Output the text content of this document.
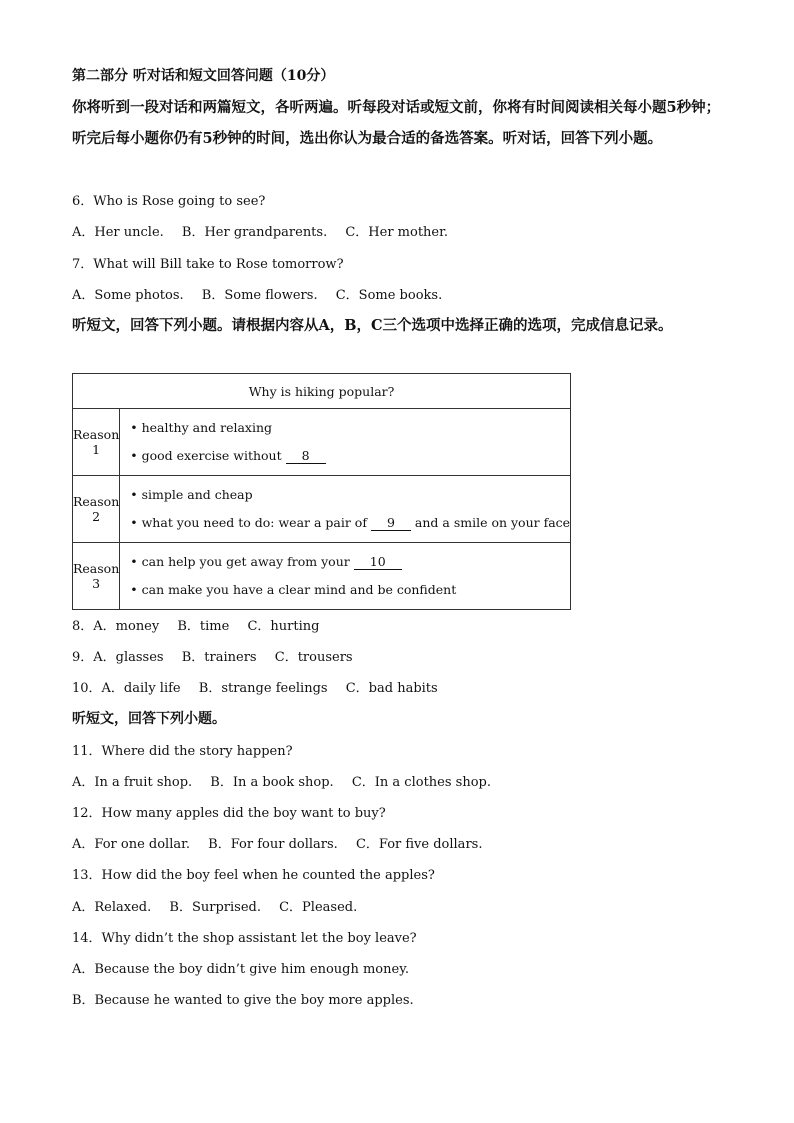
第二部分 听对话和短文回答问题（10分）
你将听到一段对话和两篇短文，各听两遍。听每段对话或短文前，你将有时间阅读相关每小题5秒钟；听完后每小题你仍有5秒钟的时间，选出你认为最合适的备选答案。听对话，回答下列小题。
6．Who is Rose going to see?
A．Her uncle. B．Her grandparents. C．Her mother.
7．What will Bill take to Rose tomorrow?
A．Some photos. B．Some flowers. C．Some books.
听短文，回答下列小题。请根据内容从A，B，C三个选项中选择正确的选项，完成信息记录。
Why is hiking popular?	
Reason 1	• healthy and relaxing
• good exercise without 8

Reason 2	• simple and cheap
• what you need to do: wear a pair of 9 and a smile on your face

Reason 3	• can help you get away from your 10
• can make you have a clear mind and be confident
8．A．money B．time C．hurting
9．A．glasses B．trainers C．trousers
10．A．daily life B．strange feelings C．bad habits
听短文，回答下列小题。
11．Where did the story happen?
A．In a fruit shop. B．In a book shop. C．In a clothes shop.
12．How many apples did the boy want to buy?
A．For one dollar. B．For four dollars. C．For five dollars.
13．How did the boy feel when he counted the apples?
A．Relaxed. B．Surprised. C．Pleased.
14．Why didn’t the shop assistant let the boy leave?
A．Because the boy didn’t give him enough money.
B．Because he wanted to give the boy more apples.
